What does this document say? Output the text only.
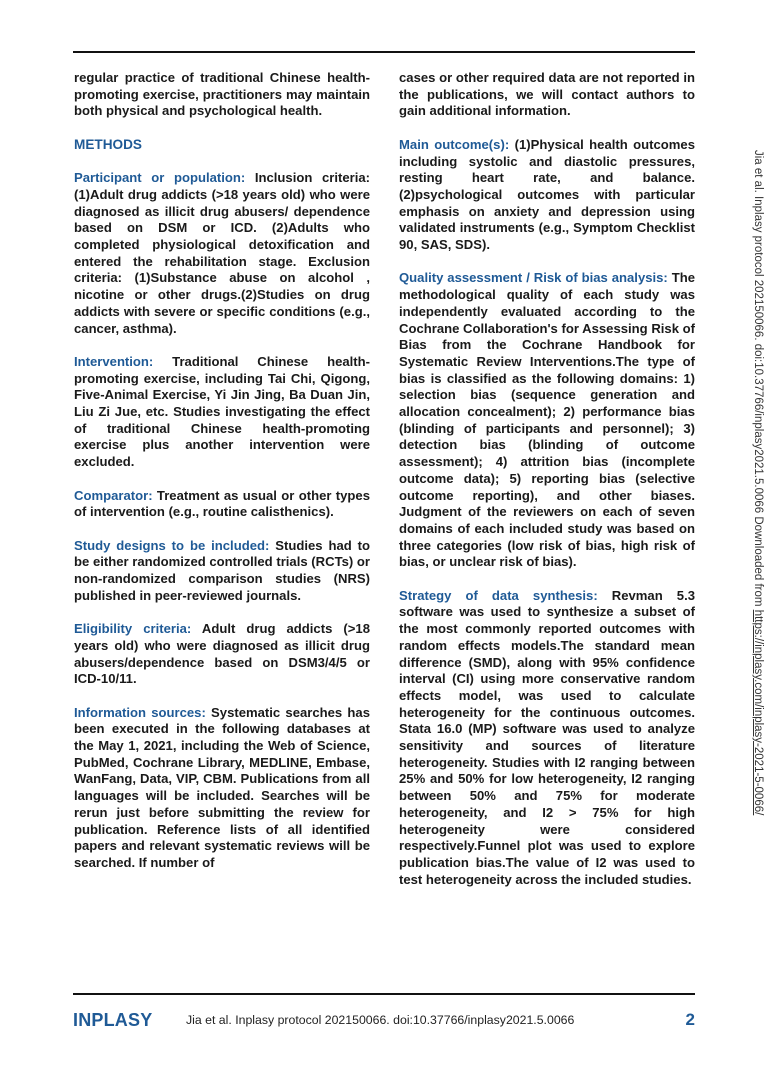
regular practice of traditional Chinese health-promoting exercise, practitioners may maintain both physical and psychological health.

METHODS

Participant or population: Inclusion criteria: (1)Adult drug addicts (>18 years old) who were diagnosed as illicit drug abusers/ dependence based on DSM or ICD. (2)Adults who completed physiological detoxification and entered the rehabilitation stage. Exclusion criteria: (1)Substance abuse on alcohol , nicotine or other drugs.(2)Studies on drug addicts with severe or specific conditions (e.g., cancer, asthma).

Intervention: Traditional Chinese health-promoting exercise, including Tai Chi, Qigong, Five-Animal Exercise, Yi Jin Jing, Ba Duan Jin, Liu Zi Jue, etc. Studies investigating the effect of traditional Chinese health-promoting exercise plus another intervention were excluded.

Comparator: Treatment as usual or other types of intervention (e.g., routine calisthenics).

Study designs to be included: Studies had to be either randomized controlled trials (RCTs) or non-randomized comparison studies (NRS) published in peer-reviewed journals.

Eligibility criteria: Adult drug addicts (>18 years old) who were diagnosed as illicit drug abusers/dependence based on DSM3/4/5 or ICD-10/11.

Information sources: Systematic searches has been executed in the following databases at the May 1, 2021, including the Web of Science, PubMed, Cochrane Library, MEDLINE, Embase, WanFang, Data, VIP, CBM. Publications from all languages will be included. Searches will be rerun just before submitting the review for publication. Reference lists of all identified papers and relevant systematic reviews will be searched. If number of

cases or other required data are not reported in the publications, we will contact authors to gain additional information.

Main outcome(s): (1)Physical health outcomes including systolic and diastolic pressures, resting heart rate, and balance. (2)psychological outcomes with particular emphasis on anxiety and depression using validated instruments (e.g., Symptom Checklist 90, SAS, SDS).

Quality assessment / Risk of bias analysis: The methodological quality of each study was independently evaluated according to the Cochrane Collaboration's for Assessing Risk of Bias from the Cochrane Handbook for Systematic Review Interventions.The type of bias is classified as the following domains: 1) selection bias (sequence generation and allocation concealment); 2) performance bias (blinding of participants and personnel); 3) detection bias (blinding of outcome assessment); 4) attrition bias (incomplete outcome data); 5) reporting bias (selective outcome reporting), and other biases. Judgment of the reviewers on each of seven domains of each included study was based on three categories (low risk of bias, high risk of bias, or unclear risk of bias).

Strategy of data synthesis: Revman 5.3 software was used to synthesize a subset of the most commonly reported outcomes with random effects models.The standard mean difference (SMD), along with 95% confidence interval (CI) using more conservative random effects model, was used to calculate heterogeneity for the continuous outcomes. Stata 16.0 (MP) software was used to analyze sensitivity and sources of literature heterogeneity. Studies with I2 ranging between 25% and 50% for low heterogeneity, I2 ranging between 50% and 75% for moderate heterogeneity, and I2 > 75% for high heterogeneity were considered respectively.Funnel plot was used to explore publication bias.The value of I2 was used to test heterogeneity across the included studies.

Jia et al. Inplasy protocol 202150066. doi:10.37766/inplasy2021.5.0066 Downloaded from https://inplasy.com/inplasy-2021-5-0066/
INPLASY	Jia et al. Inplasy protocol 202150066. doi:10.37766/inplasy2021.5.0066	2
